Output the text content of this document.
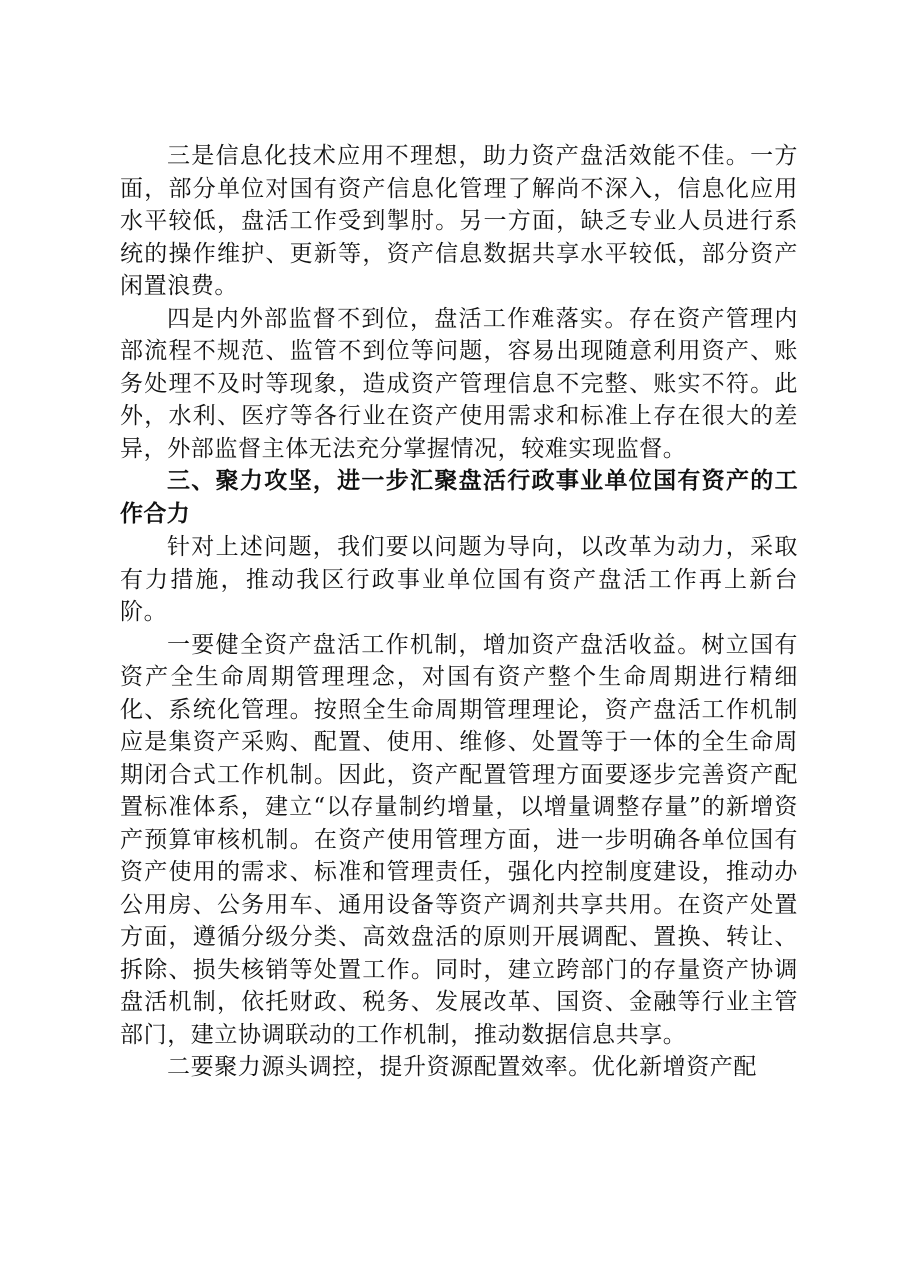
三是信息化技术应用不理想，助力资产盘活效能不佳。一方面，部分单位对国有资产信息化管理了解尚不深入，信息化应用水平较低，盘活工作受到掣肘。另一方面，缺乏专业人员进行系统的操作维护、更新等，资产信息数据共享水平较低，部分资产闲置浪费。

四是内外部监督不到位，盘活工作难落实。存在资产管理内部流程不规范、监管不到位等问题，容易出现随意利用资产、账务处理不及时等现象，造成资产管理信息不完整、账实不符。此外，水利、医疗等各行业在资产使用需求和标准上存在很大的差异，外部监督主体无法充分掌握情况，较难实现监督。

三、聚力攻坚，进一步汇聚盘活行政事业单位国有资产的工作合力

针对上述问题，我们要以问题为导向，以改革为动力，采取有力措施，推动我区行政事业单位国有资产盘活工作再上新台阶。

一要健全资产盘活工作机制，增加资产盘活收益。树立国有资产全生命周期管理理念，对国有资产整个生命周期进行精细化、系统化管理。按照全生命周期管理理论，资产盘活工作机制应是集资产采购、配置、使用、维修、处置等于一体的全生命周期闭合式工作机制。因此，资产配置管理方面要逐步完善资产配置标准体系，建立“以存量制约增量，以增量调整存量”的新增资产预算审核机制。在资产使用管理方面，进一步明确各单位国有资产使用的需求、标准和管理责任，强化内控制度建设，推动办公用房、公务用车、通用设备等资产调剂共享共用。在资产处置方面，遵循分级分类、高效盘活的原则开展调配、置换、转让、拆除、损失核销等处置工作。同时，建立跨部门的存量资产协调盘活机制，依托财政、税务、发展改革、国资、金融等行业主管部门，建立协调联动的工作机制，推动数据信息共享。

二要聚力源头调控，提升资源配置效率。优化新增资产配
